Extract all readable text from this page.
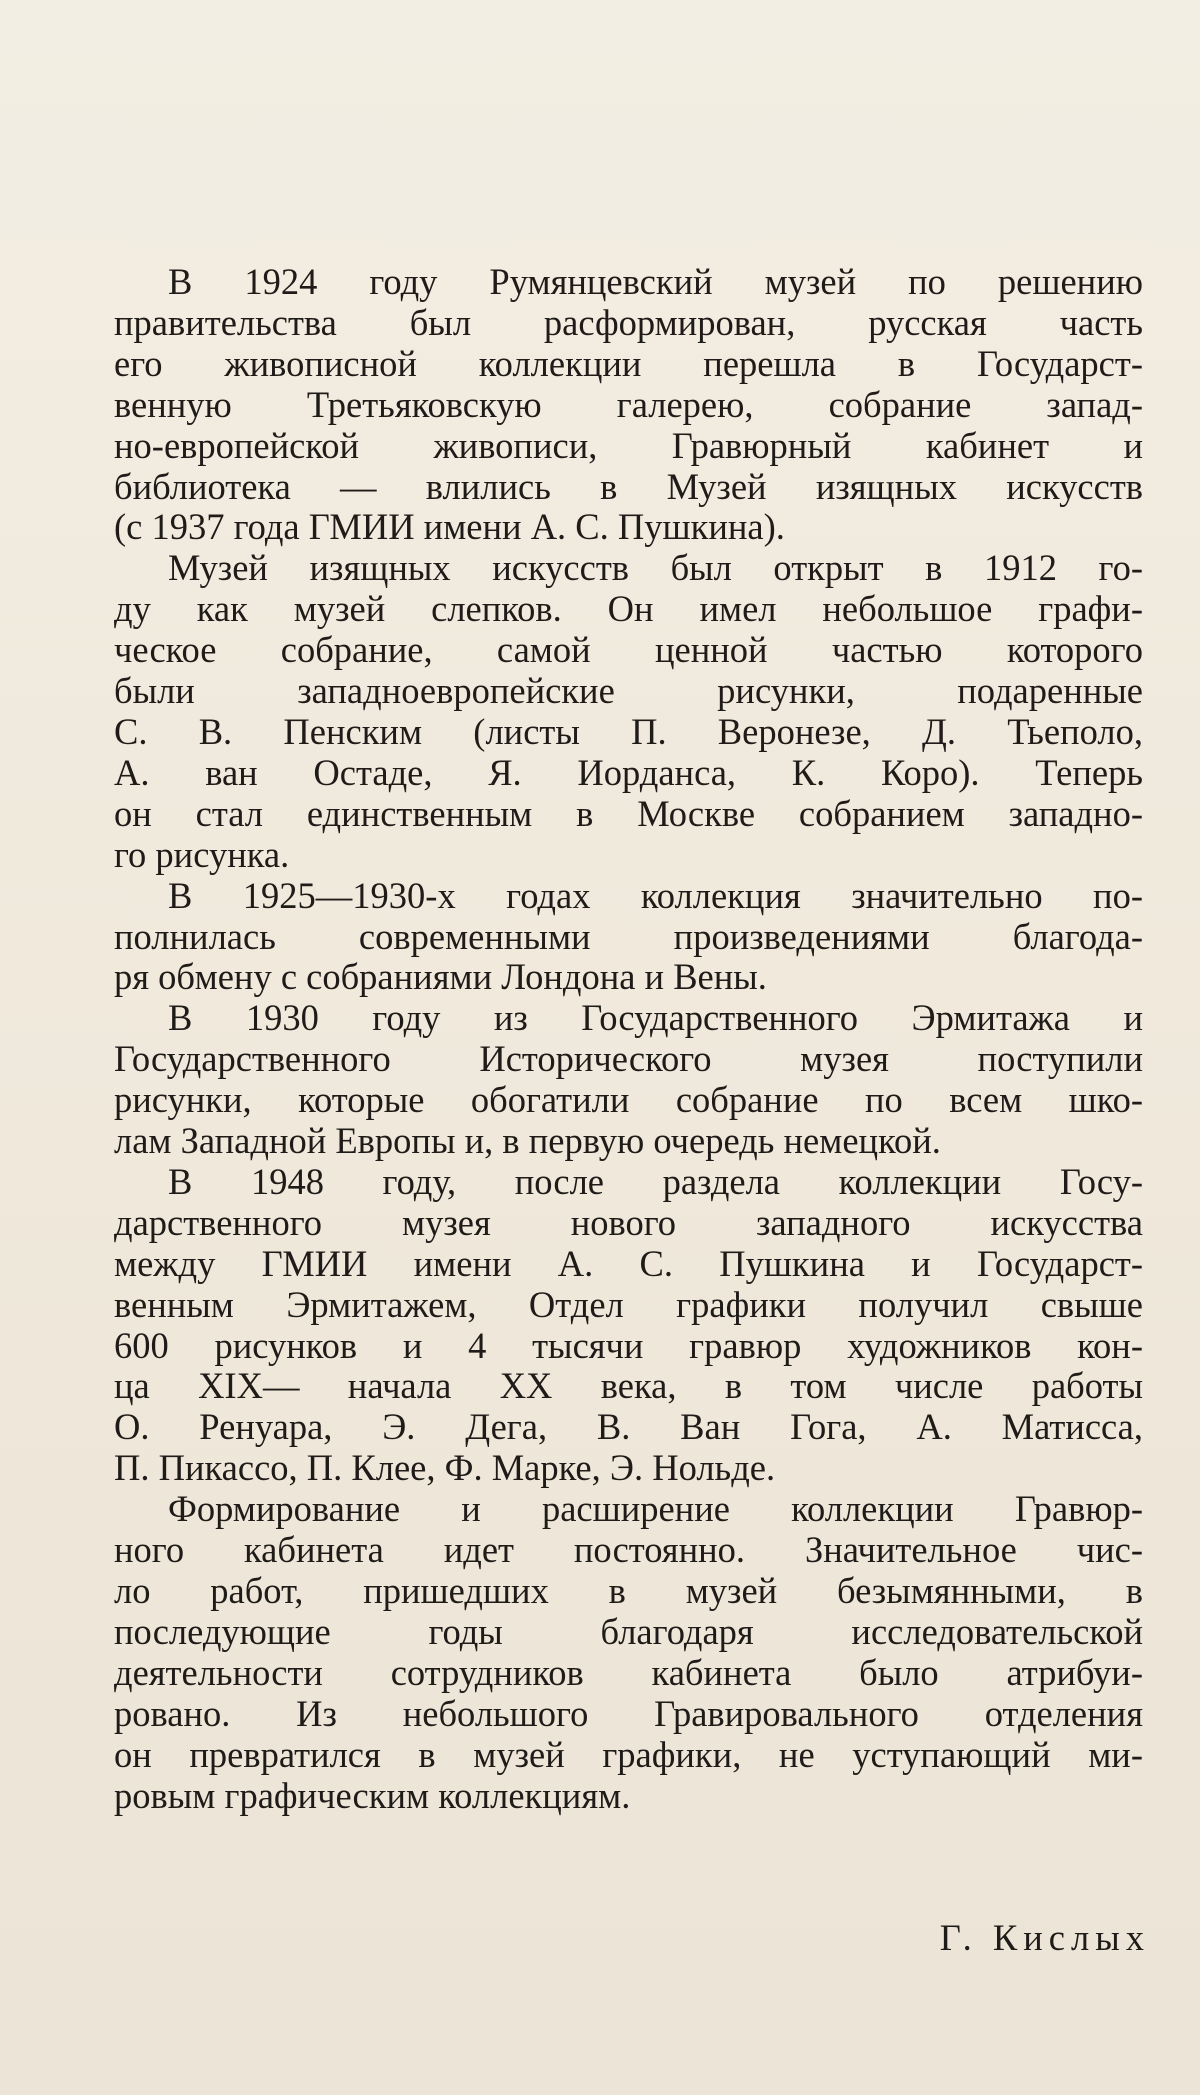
В 1924 году Румянцевский музей по решению
правительства был расформирован, русская часть
его живописной коллекции перешла в Государст-
венную Третьяковскую галерею, собрание запад-
но-европейской живописи, Гравюрный кабинет и
библиотека — влились в Музей изящных искусств
(с 1937 года ГМИИ имени А. С. Пушкина).
Музей изящных искусств был открыт в 1912 го-
ду как музей слепков. Он имел небольшое графи-
ческое собрание, самой ценной частью которого
были западноевропейские рисунки, подаренные
С. В. Пенским (листы П. Веронезе, Д. Тьеполо,
А. ван Остаде, Я. Иорданса, К. Коро). Теперь
он стал единственным в Москве собранием западно-
го рисунка.
В 1925—1930-х годах коллекция значительно по-
полнилась современными произведениями благода-
ря обмену с собраниями Лондона и Вены.
В 1930 году из Государственного Эрмитажа и
Государственного Исторического музея поступили
рисунки, которые обогатили собрание по всем шко-
лам Западной Европы и, в первую очередь немецкой.
В 1948 году, после раздела коллекции Госу-
дарственного музея нового западного искусства
между ГМИИ имени А. С. Пушкина и Государст-
венным Эрмитажем, Отдел графики получил свыше
600 рисунков и 4 тысячи гравюр художников кон-
ца XIX— начала XX века, в том числе работы
О. Ренуара, Э. Дега, В. Ван Гога, А. Матисса,
П. Пикассо, П. Клее, Ф. Марке, Э. Нольде.
Формирование и расширение коллекции Гравюр-
ного кабинета идет постоянно. Значительное чис-
ло работ, пришедших в музей безымянными, в
последующие годы благодаря исследовательской
деятельности сотрудников кабинета было атрибуи-
ровано. Из небольшого Гравировального отделения
он превратился в музей графики, не уступающий ми-
ровым графическим коллекциям.
Г. Кислых
